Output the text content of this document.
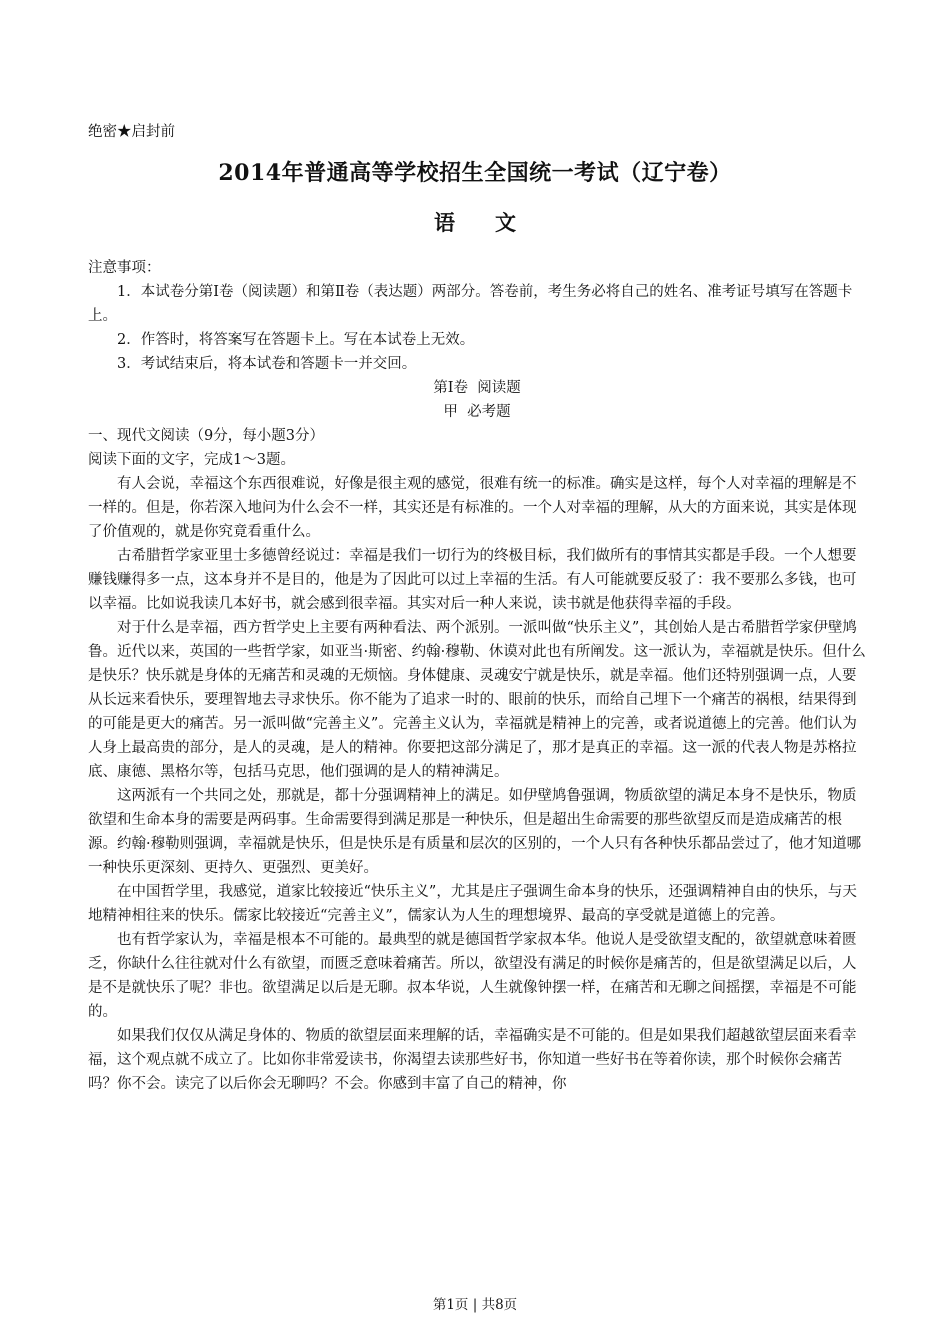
绝密★启封前
2014年普通高等学校招生全国统一考试（辽宁卷）
语文

注意事项：

1．本试卷分第Ⅰ卷（阅读题）和第Ⅱ卷（表达题）两部分。答卷前，考生务必将自己的姓名、准考证号填写在答题卡上。

2．作答时，将答案写在答题卡上。写在本试卷上无效。

3．考试结束后，将本试卷和答题卡一并交回。

第Ⅰ卷  阅读题

甲  必考题

一、现代文阅读（9分，每小题3分）

阅读下面的文字，完成1～3题。

有人会说，幸福这个东西很难说，好像是很主观的感觉，很难有统一的标准。确实是这样，每个人对幸福的理解是不一样的。但是，你若深入地问为什么会不一样，其实还是有标准的。一个人对幸福的理解，从大的方面来说，其实是体现了价值观的，就是你究竟看重什么。

古希腊哲学家亚里士多德曾经说过：幸福是我们一切行为的终极目标，我们做所有的事情其实都是手段。一个人想要赚钱赚得多一点，这本身并不是目的，他是为了因此可以过上幸福的生活。有人可能就要反驳了：我不要那么多钱，也可以幸福。比如说我读几本好书，就会感到很幸福。其实对后一种人来说，读书就是他获得幸福的手段。

对于什么是幸福，西方哲学史上主要有两种看法、两个派别。一派叫做“快乐主义”，其创始人是古希腊哲学家伊壁鸠鲁。近代以来，英国的一些哲学家，如亚当·斯密、约翰·穆勒、休谟对此也有所阐发。这一派认为，幸福就是快乐。但什么是快乐？快乐就是身体的无痛苦和灵魂的无烦恼。身体健康、灵魂安宁就是快乐，就是幸福。他们还特别强调一点，人要从长远来看快乐，要理智地去寻求快乐。你不能为了追求一时的、眼前的快乐，而给自己埋下一个痛苦的祸根，结果得到的可能是更大的痛苦。另一派叫做“完善主义”。完善主义认为，幸福就是精神上的完善，或者说道德上的完善。他们认为人身上最高贵的部分，是人的灵魂，是人的精神。你要把这部分满足了，那才是真正的幸福。这一派的代表人物是苏格拉底、康德、黑格尔等，包括马克思，他们强调的是人的精神满足。

这两派有一个共同之处，那就是，都十分强调精神上的满足。如伊壁鸠鲁强调，物质欲望的满足本身不是快乐，物质欲望和生命本身的需要是两码事。生命需要得到满足那是一种快乐，但是超出生命需要的那些欲望反而是造成痛苦的根源。约翰·穆勒则强调，幸福就是快乐，但是快乐是有质量和层次的区别的，一个人只有各种快乐都品尝过了，他才知道哪一种快乐更深刻、更持久、更强烈、更美好。

在中国哲学里，我感觉，道家比较接近“快乐主义”，尤其是庄子强调生命本身的快乐，还强调精神自由的快乐，与天地精神相往来的快乐。儒家比较接近“完善主义”，儒家认为人生的理想境界、最高的享受就是道德上的完善。

也有哲学家认为，幸福是根本不可能的。最典型的就是德国哲学家叔本华。他说人是受欲望支配的，欲望就意味着匮乏，你缺什么往往就对什么有欲望，而匮乏意味着痛苦。所以，欲望没有满足的时候你是痛苦的，但是欲望满足以后，人是不是就快乐了呢？非也。欲望满足以后是无聊。叔本华说，人生就像钟摆一样，在痛苦和无聊之间摇摆，幸福是不可能的。

如果我们仅仅从满足身体的、物质的欲望层面来理解的话，幸福确实是不可能的。但是如果我们超越欲望层面来看幸福，这个观点就不成立了。比如你非常爱读书，你渴望去读那些好书，你知道一些好书在等着你读，那个时候你会痛苦吗？你不会。读完了以后你会无聊吗？不会。你感到丰富了自己的精神，你

第1页 | 共8页
